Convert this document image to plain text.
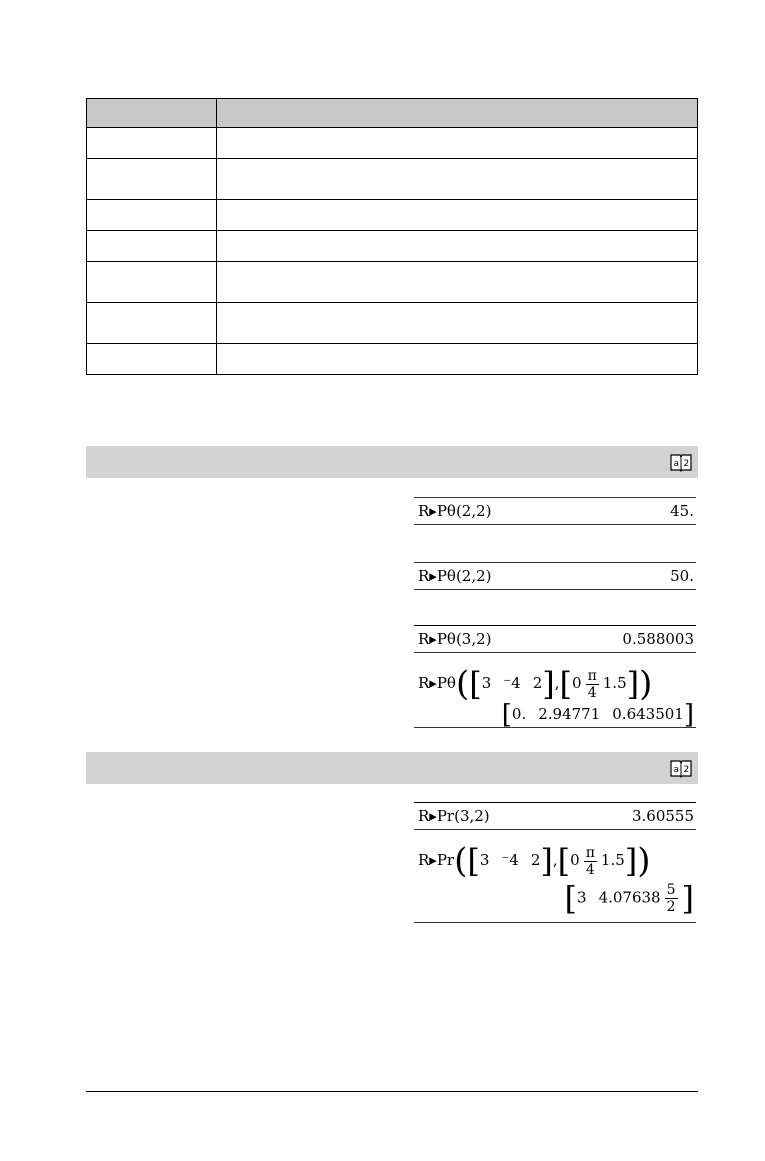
a 2
R▸Pθ(2,2)	45.
R▸Pθ(2,2)	50.
R▸Pθ(3,2)	0.588003
R▸Pθ([3 ⁻4 $2],[0 \frac{\pi}{4} 1.5]$)
[0. 2.94771 0.643501]
a 2
R▸Pr(3,2)	3.60555
R▸Pr([3 ⁻4 $2],[0 \frac{\pi}{4} 1.5]$)
[3 $4.07638 \frac{5}{2}$ ]
